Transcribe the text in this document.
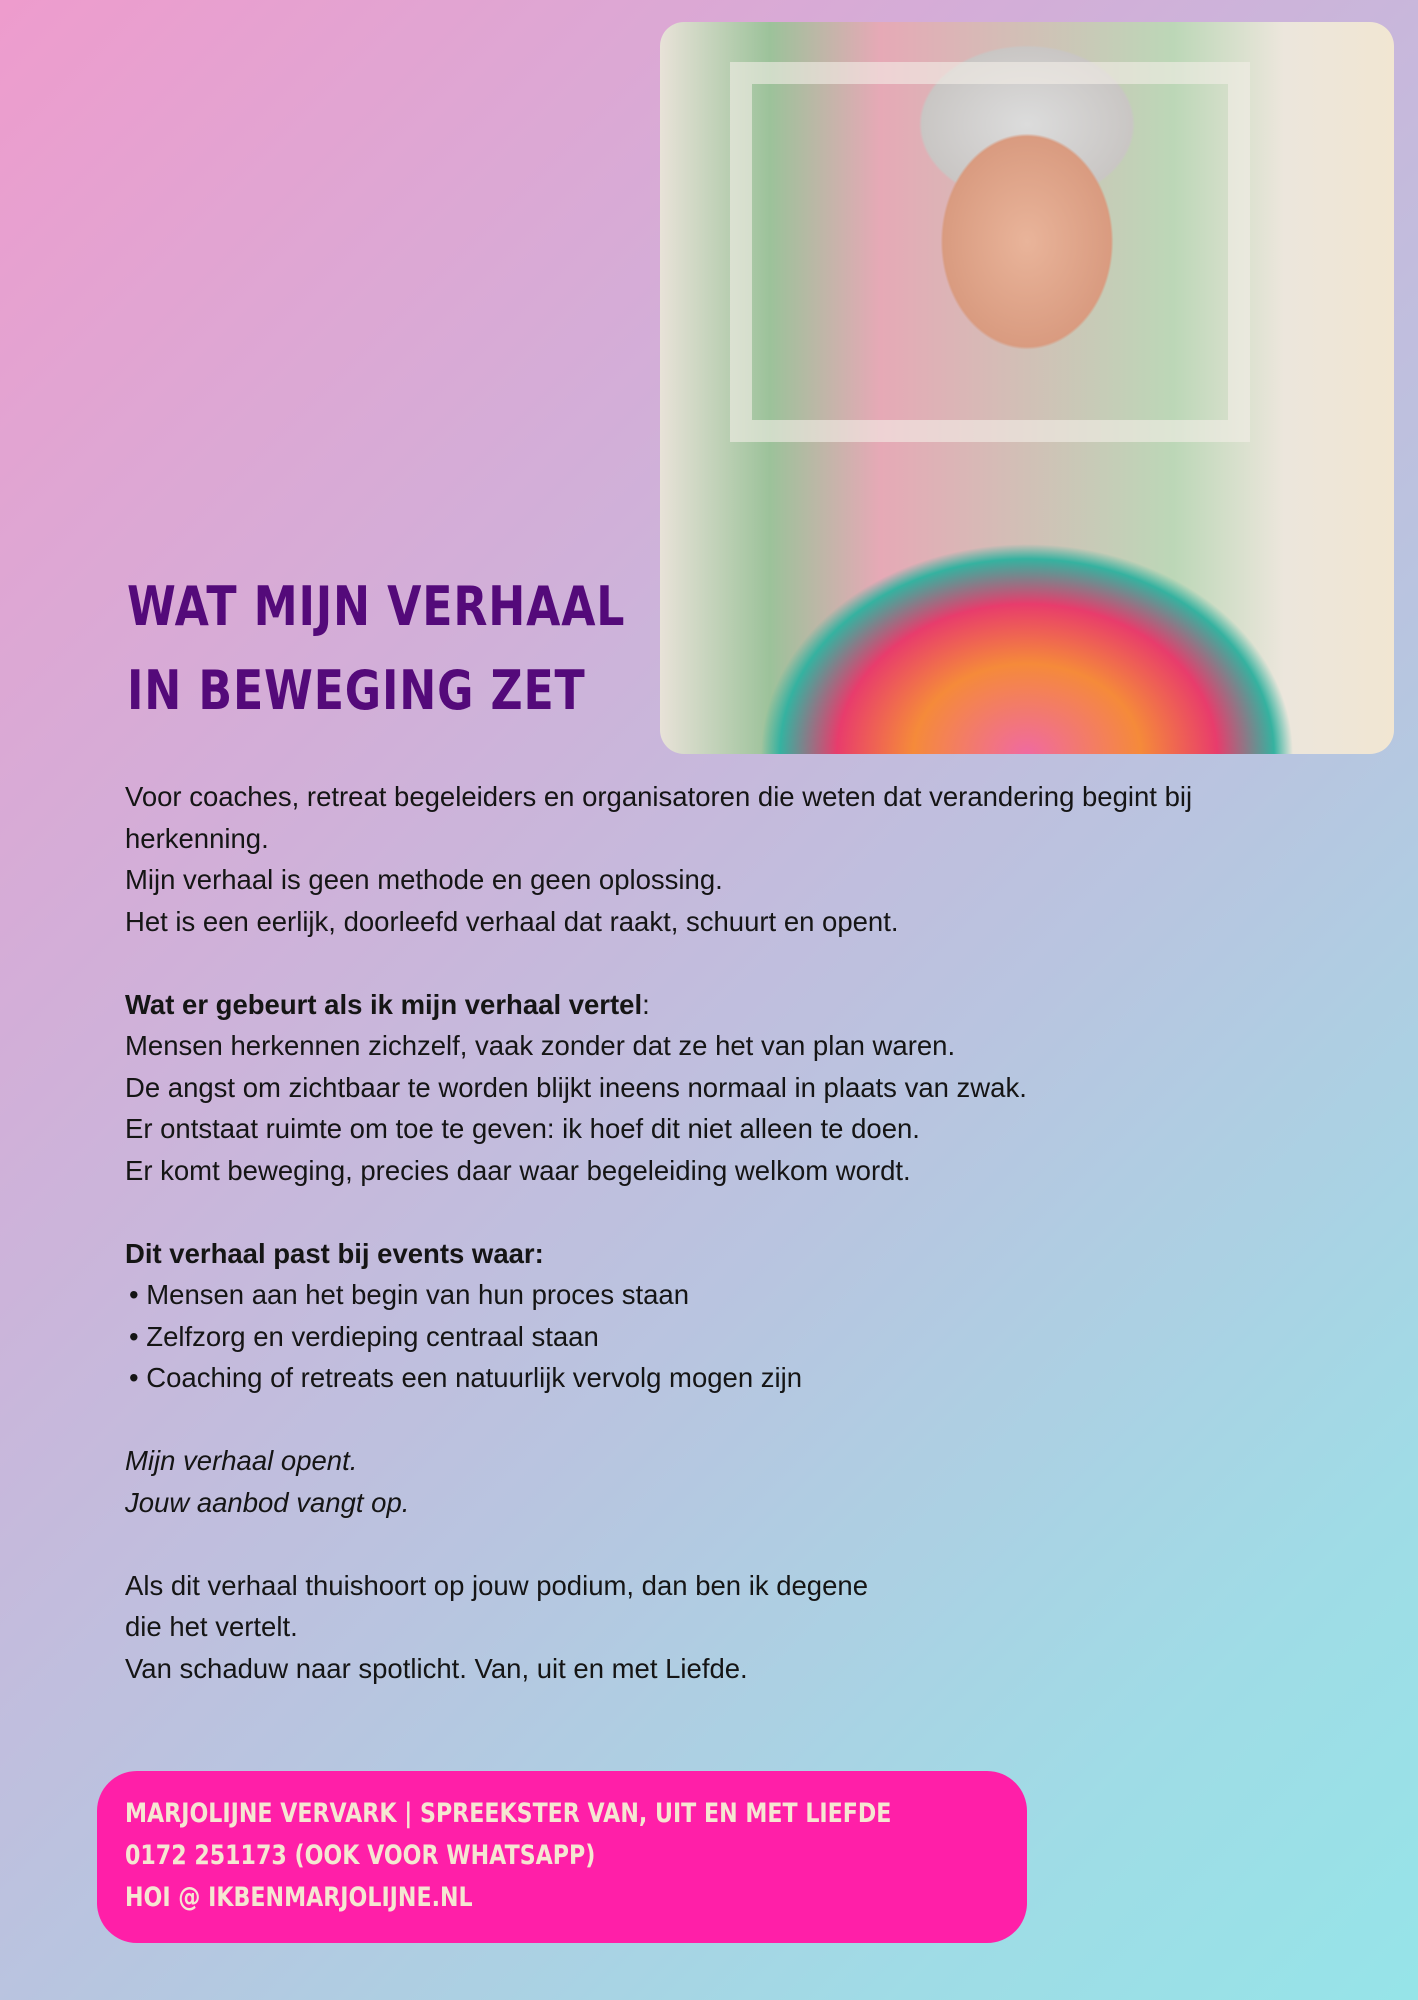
WAT MIJN VERHAAL
IN BEWEGING ZET

Voor coaches, retreat begeleiders en organisatoren die weten dat verandering begint bij herkenning.

Mijn verhaal is geen methode en geen oplossing.

Het is een eerlijk, doorleefd verhaal dat raakt, schuurt en opent.

Wat er gebeurt als ik mijn verhaal vertel:

Mensen herkennen zichzelf, vaak zonder dat ze het van plan waren.

De angst om zichtbaar te worden blijkt ineens normaal in plaats van zwak.

Er ontstaat ruimte om toe te geven: ik hoef dit niet alleen te doen.

Er komt beweging, precies daar waar begeleiding welkom wordt.

Dit verhaal past bij events waar:

• Mensen aan het begin van hun proces staan

• Zelfzorg en verdieping centraal staan

• Coaching of retreats een natuurlijk vervolg mogen zijn

Mijn verhaal opent.

Jouw aanbod vangt op.

Als dit verhaal thuishoort op jouw podium, dan ben ik degene

die het vertelt.

Van schaduw naar spotlicht. Van, uit en met Liefde.

MARJOLIJNE VERVARK | SPREEKSTER VAN, UIT EN MET LIEFDE
0172 251173 (OOK VOOR WHATSAPP)
HOI @ IKBENMARJOLIJNE.NL
